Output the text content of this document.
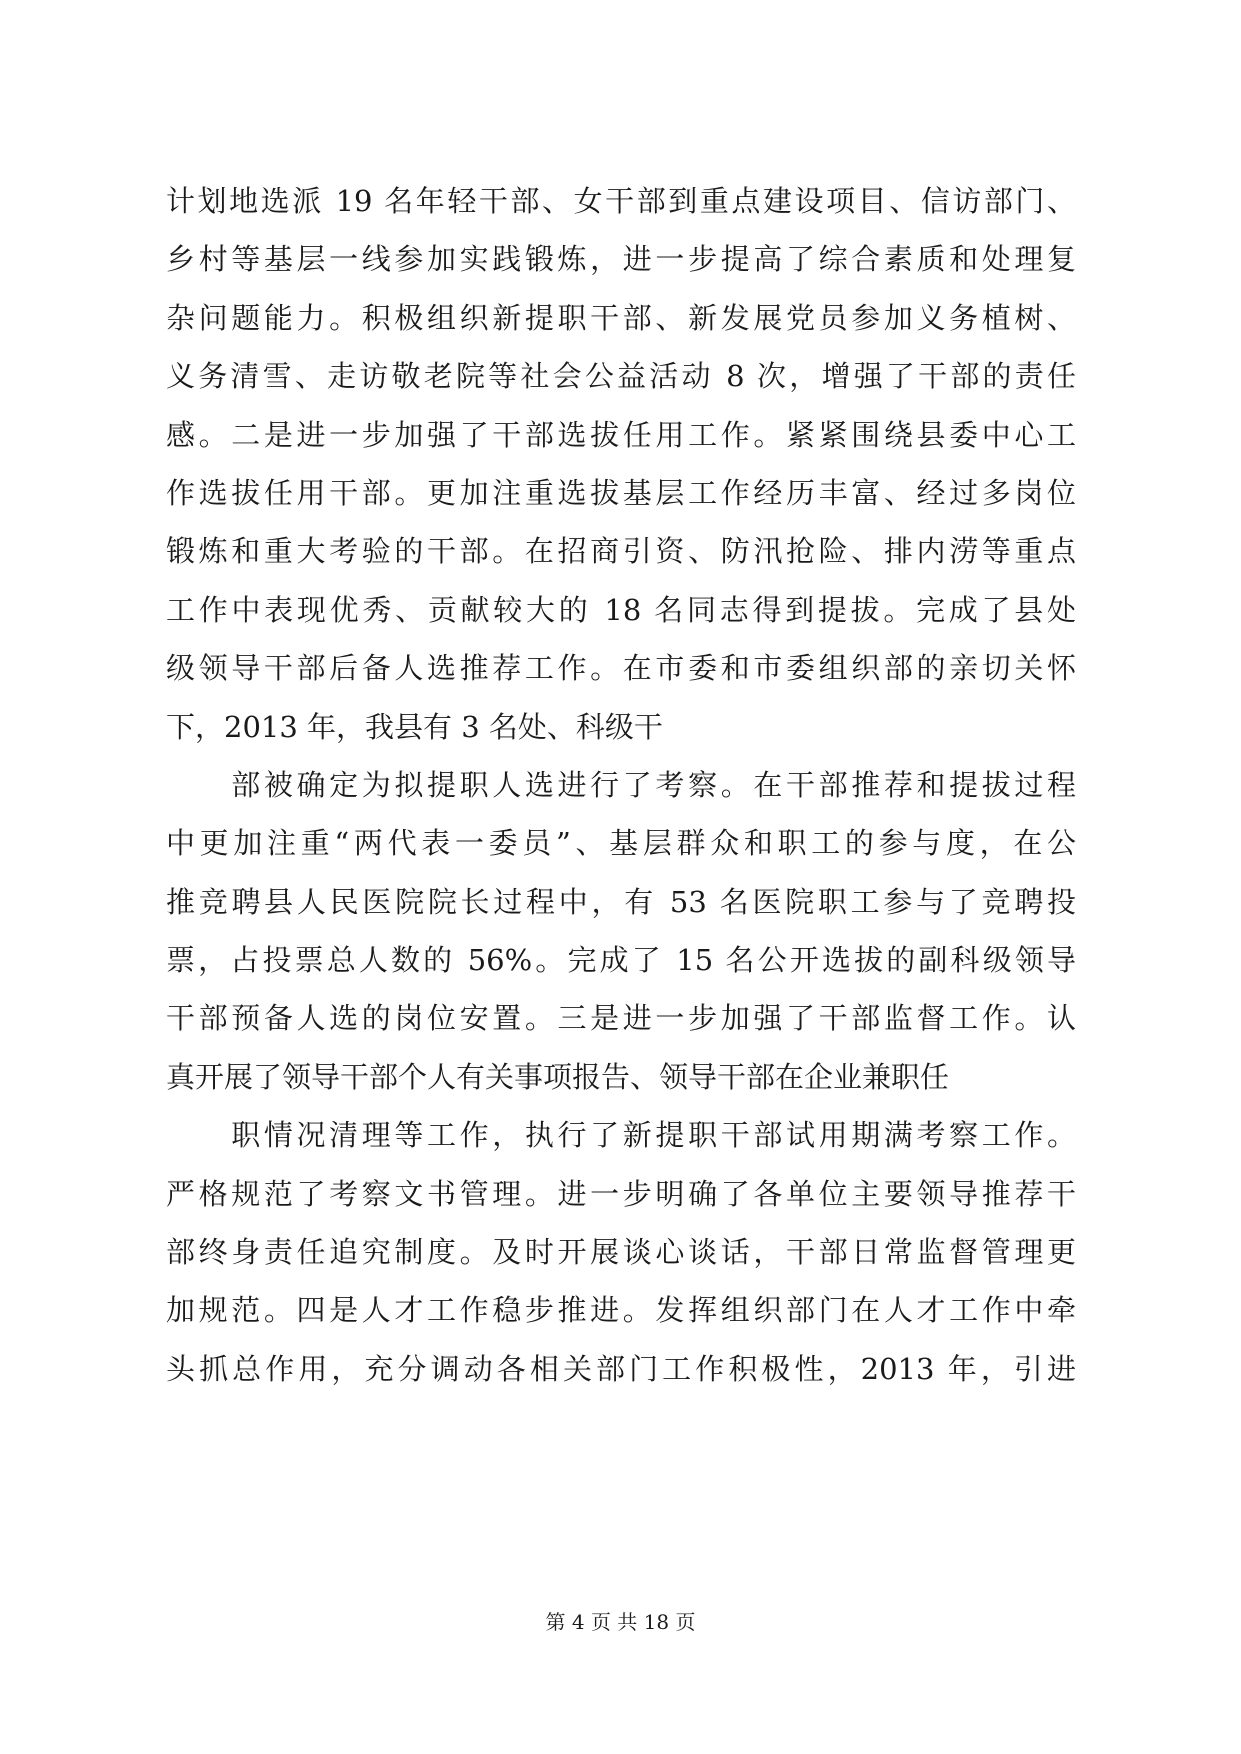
计划地选派 19 名年轻干部、女干部到重点建设项目、信访部门、
乡村等基层一线参加实践锻炼，进一步提高了综合素质和处理复
杂问题能力。积极组织新提职干部、新发展党员参加义务植树、
义务清雪、走访敬老院等社会公益活动 8 次，增强了干部的责任
感。二是进一步加强了干部选拔任用工作。紧紧围绕县委中心工
作选拔任用干部。更加注重选拔基层工作经历丰富、经过多岗位
锻炼和重大考验的干部。在招商引资、防汛抢险、排内涝等重点
工作中表现优秀、贡献较大的 18 名同志得到提拔。完成了县处
级领导干部后备人选推荐工作。在市委和市委组织部的亲切关怀
下，2013 年，我县有 3 名处、科级干
　　部被确定为拟提职人选进行了考察。在干部推荐和提拔过程
中更加注重“两代表一委员”、基层群众和职工的参与度，在公
推竞聘县人民医院院长过程中，有 53 名医院职工参与了竞聘投
票，占投票总人数的 56%。完成了 15 名公开选拔的副科级领导
干部预备人选的岗位安置。三是进一步加强了干部监督工作。认
真开展了领导干部个人有关事项报告、领导干部在企业兼职任
　　职情况清理等工作，执行了新提职干部试用期满考察工作。
严格规范了考察文书管理。进一步明确了各单位主要领导推荐干
部终身责任追究制度。及时开展谈心谈话，干部日常监督管理更
加规范。四是人才工作稳步推进。发挥组织部门在人才工作中牵
头抓总作用，充分调动各相关部门工作积极性，2013 年，引进
第 4 页 共 18 页
